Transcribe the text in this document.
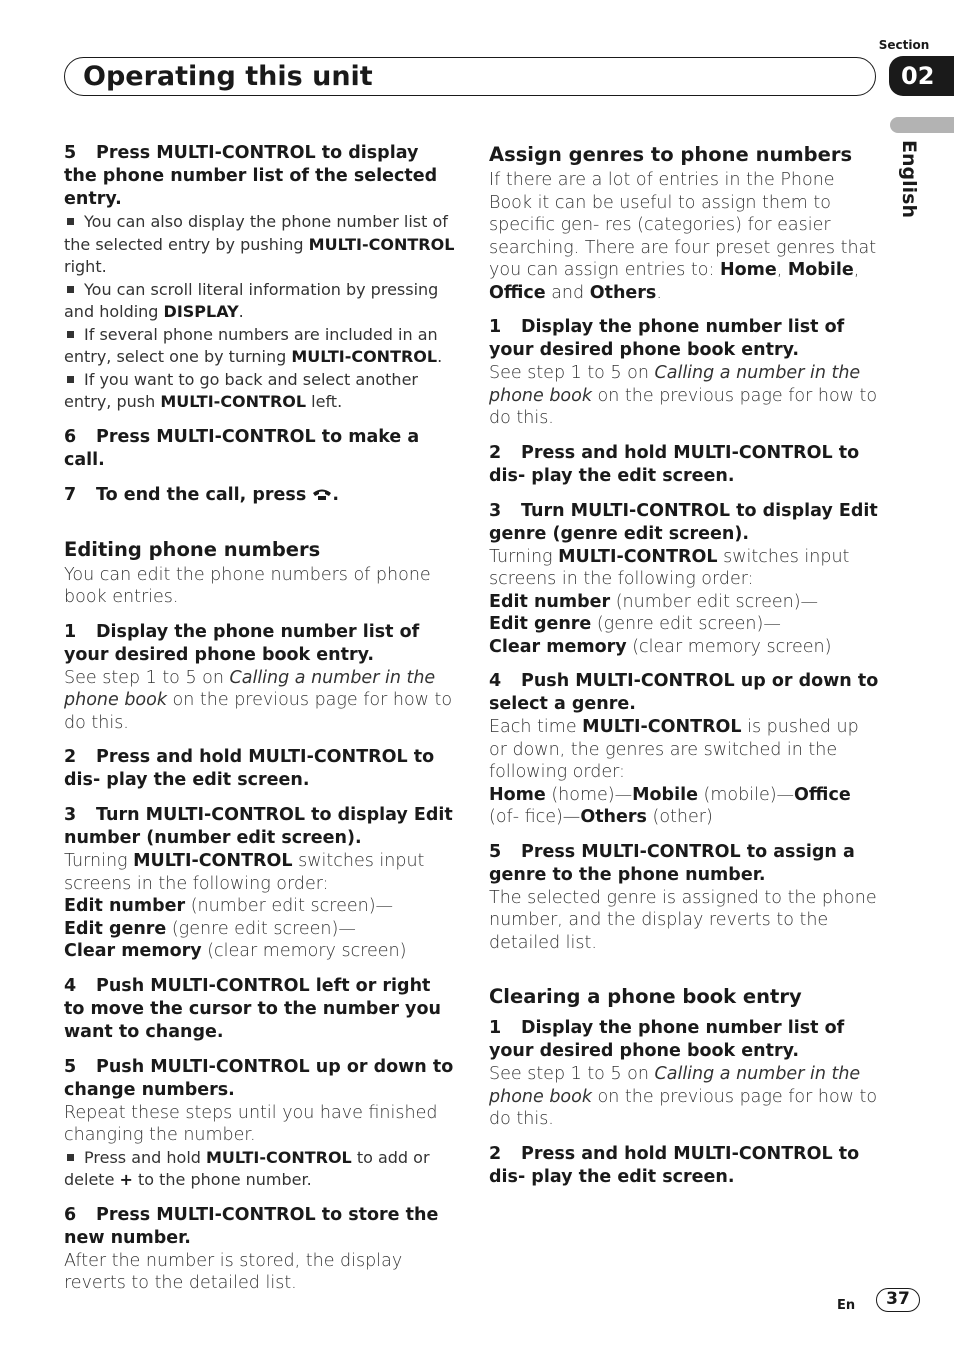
Section
02
Operating this unit
English

5 Press MULTI-CONTROL to display the phone number list of the selected entry.

You can also display the phone number list of the selected entry by pushing MULTI-CONTROL right.

You can scroll literal information by pressing and holding DISPLAY.

If several phone numbers are included in an entry, select one by turning MULTI-CONTROL.

If you want to go back and select another entry, push MULTI-CONTROL left.

6 Press MULTI-CONTROL to make a call.

7 To end the call, press .

Editing phone numbers

You can edit the phone numbers of phone book entries.

1 Display the phone number list of your desired phone book entry.

See step 1 to 5 on Calling a number in the phone book on the previous page for how to do this.

2 Press and hold MULTI-CONTROL to dis- play the edit screen.

3 Turn MULTI-CONTROL to display Edit number (number edit screen).

Turning MULTI-CONTROL switches input screens in the following order:

Edit number (number edit screen)—

Edit genre (genre edit screen)—

Clear memory (clear memory screen)

4 Push MULTI-CONTROL left or right to move the cursor to the number you want to change.

5 Push MULTI-CONTROL up or down to change numbers.

Repeat these steps until you have finished changing the number.

Press and hold MULTI-CONTROL to add or delete + to the phone number.

6 Press MULTI-CONTROL to store the new number.

After the number is stored, the display reverts to the detailed list.

Assign genres to phone numbers

If there are a lot of entries in the Phone Book it can be useful to assign them to specific gen- res (categories) for easier searching. There are four preset genres that you can assign entries to: Home, Mobile, Office and Others.

1 Display the phone number list of your desired phone book entry.

See step 1 to 5 on Calling a number in the phone book on the previous page for how to do this.

2 Press and hold MULTI-CONTROL to dis- play the edit screen.

3 Turn MULTI-CONTROL to display Edit genre (genre edit screen).

Turning MULTI-CONTROL switches input screens in the following order:

Edit number (number edit screen)—

Edit genre (genre edit screen)—

Clear memory (clear memory screen)

4 Push MULTI-CONTROL up or down to select a genre.

Each time MULTI-CONTROL is pushed up or down, the genres are switched in the following order:

Home (home)—Mobile (mobile)—Office (of- fice)—Others (other)

5 Press MULTI-CONTROL to assign a genre to the phone number.

The selected genre is assigned to the phone number, and the display reverts to the detailed list.

Clearing a phone book entry

1 Display the phone number list of your desired phone book entry.

See step 1 to 5 on Calling a number in the phone book on the previous page for how to do this.

2 Press and hold MULTI-CONTROL to dis- play the edit screen.

En	37
